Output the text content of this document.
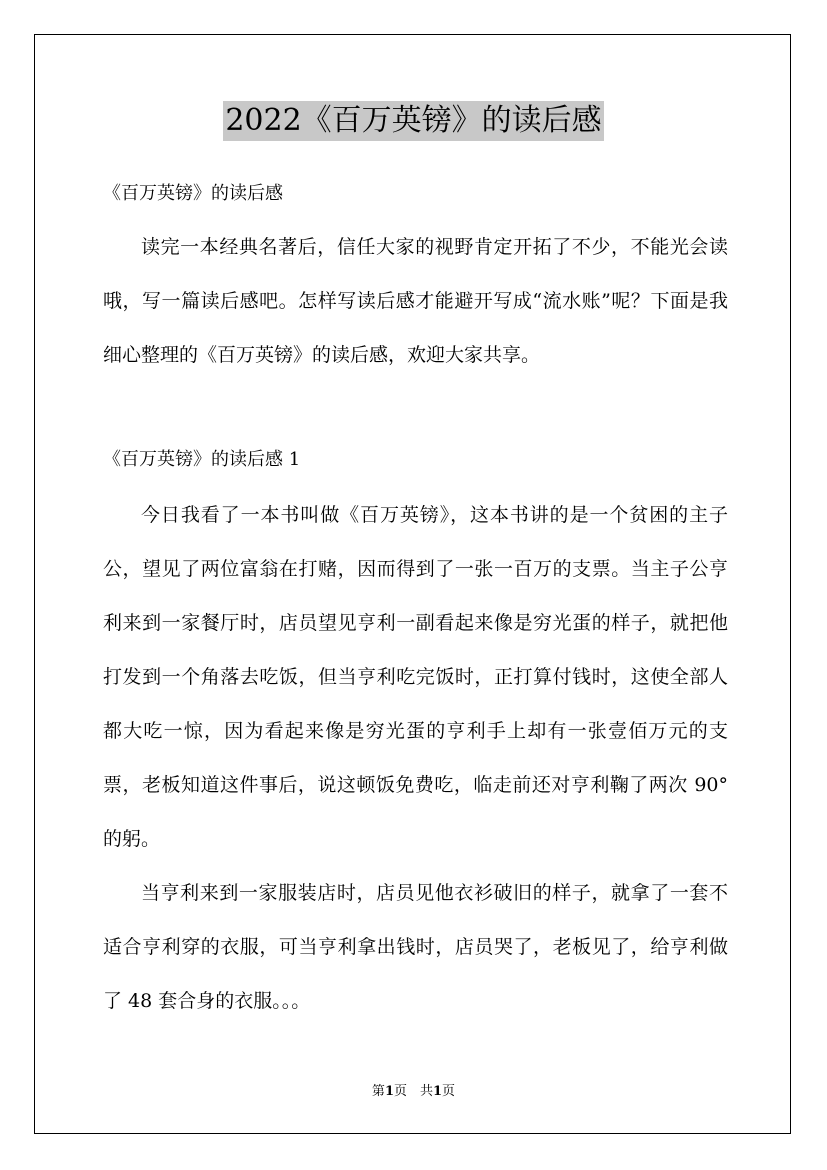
2022《百万英镑》的读后感

《百万英镑》的读后感

读完一本经典名著后，信任大家的视野肯定开拓了不少，不能光会读哦，写一篇读后感吧。怎样写读后感才能避开写成“流水账”呢？下面是我细心整理的《百万英镑》的读后感，欢迎大家共享。

《百万英镑》的读后感 1

今日我看了一本书叫做《百万英镑》，这本书讲的是一个贫困的主子公，望见了两位富翁在打赌，因而得到了一张一百万的支票。当主子公亨利来到一家餐厅时，店员望见亨利一副看起来像是穷光蛋的样子，就把他打发到一个角落去吃饭，但当亨利吃完饭时，正打算付钱时，这使全部人都大吃一惊，因为看起来像是穷光蛋的亨利手上却有一张壹佰万元的支票，老板知道这件事后，说这顿饭免费吃，临走前还对亨利鞠了两次 90° 的躬。

当亨利来到一家服装店时，店员见他衣衫破旧的样子，就拿了一套不适合亨利穿的衣服，可当亨利拿出钱时，店员哭了，老板见了，给亨利做了 48 套合身的衣服。。。

第1页　共1页
